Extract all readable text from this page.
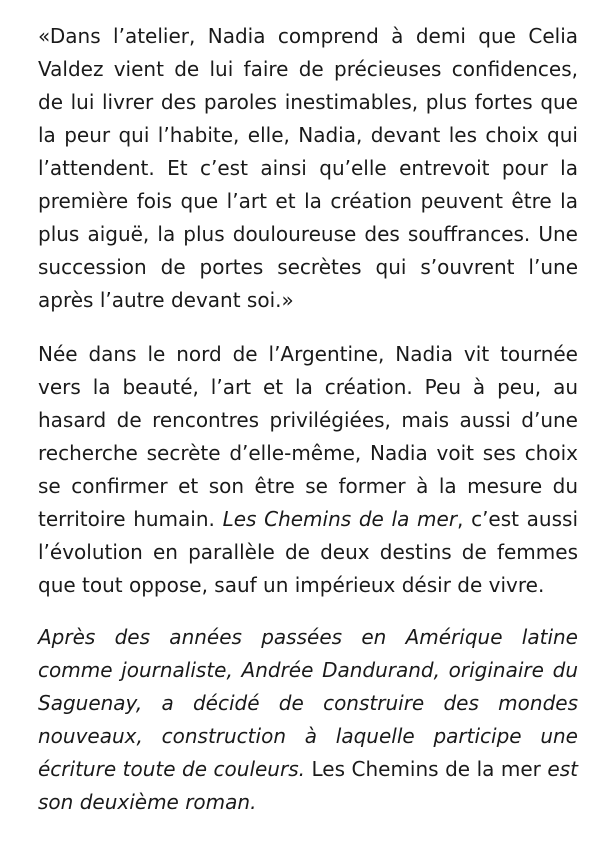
«Dans l’atelier, Nadia comprend à demi que Celia Valdez vient de lui faire de précieuses confidences, de lui livrer des paroles inestimables, plus fortes que la peur qui l’habite, elle, Nadia, devant les choix qui l’attendent. Et c’est ainsi qu’elle entrevoit pour la première fois que l’art et la création peuvent être la plus aiguë, la plus douloureuse des souffrances. Une succession de portes secrètes qui s’ouvrent l’une après l’autre devant soi.»

Née dans le nord de l’Argentine, Nadia vit tournée vers la beauté, l’art et la création. Peu à peu, au hasard de rencontres privilégiées, mais aussi d’une recherche secrète d’elle-même, Nadia voit ses choix se confirmer et son être se former à la mesure du territoire humain. Les Chemins de la mer, c’est aussi l’évolution en parallèle de deux destins de femmes que tout oppose, sauf un impérieux désir de vivre.

Après des années passées en Amérique latine comme journaliste, Andrée Dandurand, originaire du Saguenay, a décidé de construire des mondes nouveaux, construction à laquelle participe une écriture toute de couleurs. Les Chemins de la mer est son deuxième roman.
